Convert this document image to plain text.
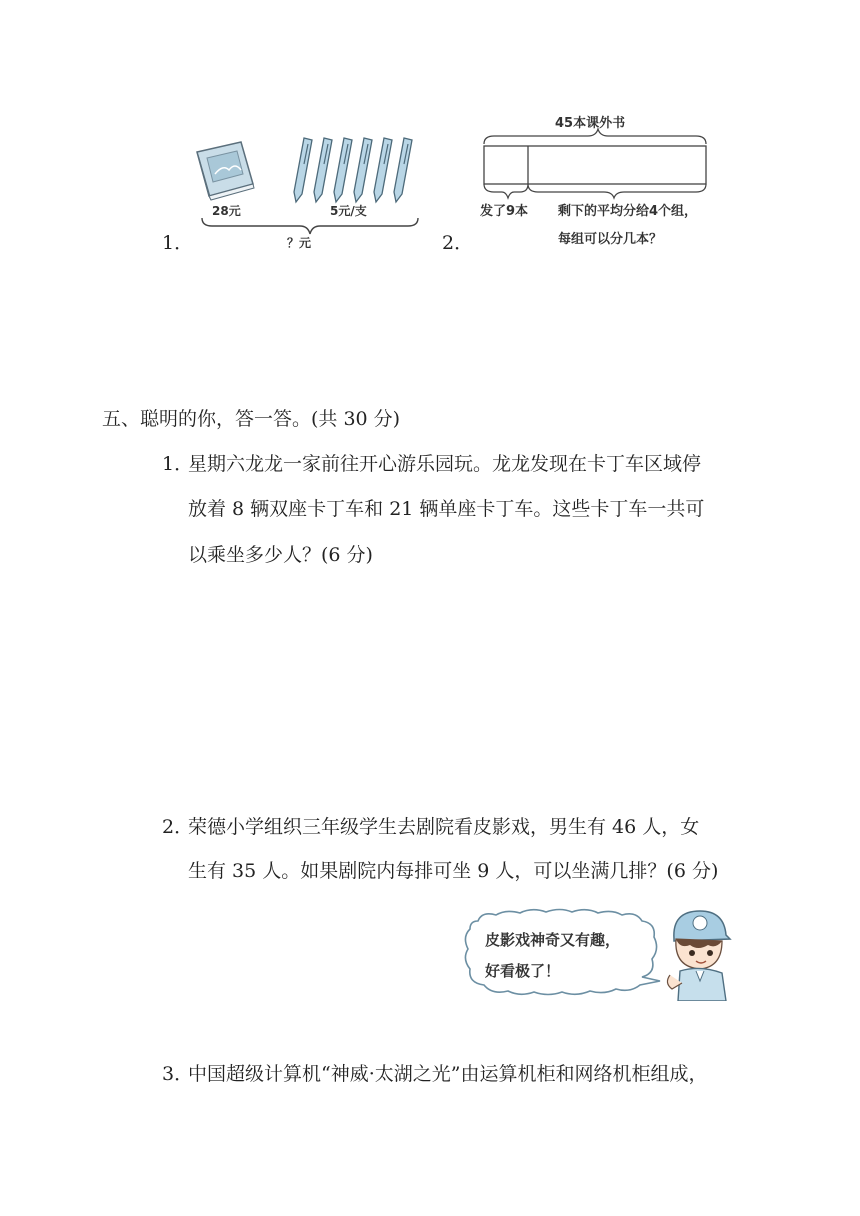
1．
28元	5元/支
？元	2．
45本课外书
发了9本 剩下的平均分给4个组，
每组可以分几本？
五、聪明的你，答一答。(共 30 分)
1．
星期六龙龙一家前往开心游乐园玩。龙龙发现在卡丁车区域停
放着 8 辆双座卡丁车和 21 辆单座卡丁车。这些卡丁车一共可
以乘坐多少人？(6 分)
2．
荣德小学组织三年级学生去剧院看皮影戏，男生有 46 人，女
生有 35 人。如果剧院内每排可坐 9 人，可以坐满几排？(6 分)
皮影戏神奇又有趣，
好看极了！
3．
中国超级计算机“神威·太湖之光”由运算机柜和网络机柜组成，
